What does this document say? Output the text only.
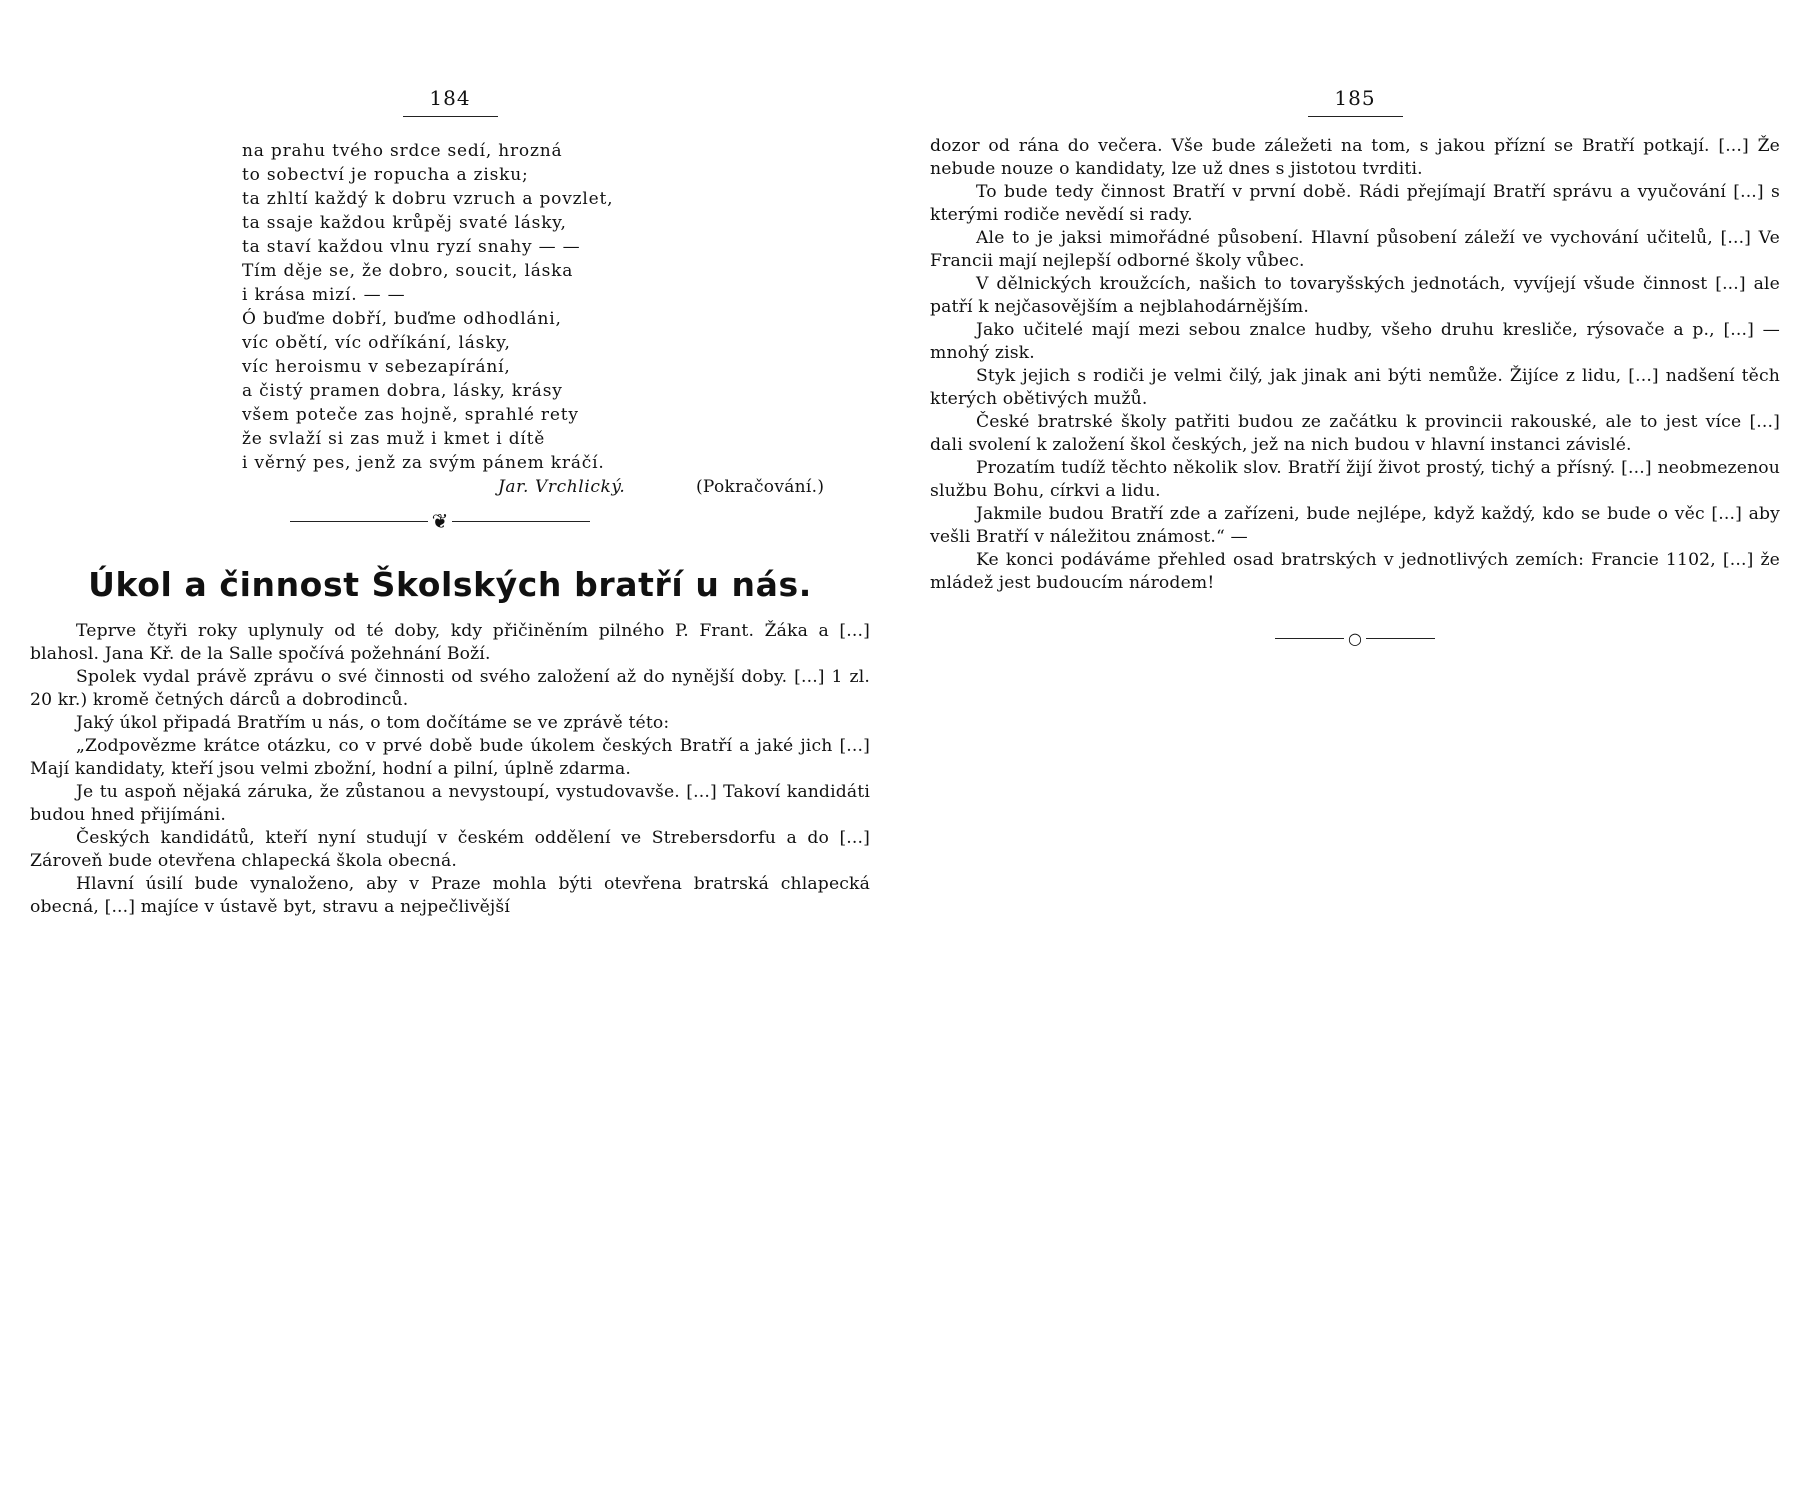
184
na prahu tvého srdce sedí, hrozná
to sobectví je ropucha a zisku;
ta zhltí každý k dobru vzruch a povzlet,
ta ssaje každou krůpěj svaté lásky,
ta staví každou vlnu ryzí snahy — —
Tím děje se, že dobro, soucit, láska
i krása mizí. — —
Ó buďme dobří, buďme odhodláni,
víc obětí, víc odříkání, lásky,
víc heroismu v sebezapírání,
a čistý pramen dobra, lásky, krásy
všem poteče zas hojně, sprahlé rety
že svlaží si zas muž i kmet i dítě
i věrný pes, jenž za svým pánem kráčí.
Jar. Vrchlický.	(Pokračování.)
❦
Úkol a činnost Školských bratří u nás.

Teprve čtyři roky uplynuly od té doby, kdy přičiněním pilného P. Frant. Žáka a [...] blahosl. Jana Kř. de la Salle spočívá požehnání Boží.

Spolek vydal právě zprávu o své činnosti od svého založení až do nynější doby. [...] 1 zl. 20 kr.) kromě četných dárců a dobrodinců.

Jaký úkol připadá Bratřím u nás, o tom dočítáme se ve zprávě této:

„Zodpovězme krátce otázku, co v prvé době bude úkolem českých Bratří a jaké jich [...] Mají kandidaty, kteří jsou velmi zbožní, hodní a pilní, úplně zdarma.

Je tu aspoň nějaká záruka, že zůstanou a nevystoupí, vystudovavše. [...] Takoví kandidáti budou hned přijímáni.

Českých kandidátů, kteří nyní studují v českém oddělení ve Strebersdorfu a do [...] Zároveň bude otevřena chlapecká škola obecná.

Hlavní úsilí bude vynaloženo, aby v Praze mohla býti otevřena bratrská chlapecká obecná, [...] majíce v ústavě byt, stravu a nejpečlivější

185

dozor od rána do večera. Vše bude záležeti na tom, s jakou přízní se Bratří potkají. [...] Že nebude nouze o kandidaty, lze už dnes s jistotou tvrditi.

To bude tedy činnost Bratří v první době. Rádi přejímají Bratří správu a vyučování [...] s kterými rodiče nevědí si rady.

Ale to je jaksi mimořádné působení. Hlavní působení záleží ve vychování učitelů, [...] Ve Francii mají nejlepší odborné školy vůbec.

V dělnických kroužcích, našich to tovaryšských jednotách, vyvíjejí všude činnost [...] ale patří k nejčasovějším a nejblahodárnějším.

Jako učitelé mají mezi sebou znalce hudby, všeho druhu kresliče, rýsovače a p., [...] — mnohý zisk.

Styk jejich s rodiči je velmi čilý, jak jinak ani býti nemůže. Žijíce z lidu, [...] nadšení těch kterých obětivých mužů.

České bratrské školy patřiti budou ze začátku k provincii rakouské, ale to jest více [...] dali svolení k založení škol českých, jež na nich budou v hlavní instanci závislé.

Prozatím tudíž těchto několik slov. Bratří žijí život prostý, tichý a přísný. [...] neobmezenou službu Bohu, církvi a lidu.

Jakmile budou Bratří zde a zařízeni, bude nejlépe, když každý, kdo se bude o věc [...] aby vešli Bratří v náležitou známost.“ —

Ke konci podáváme přehled osad bratrských v jednotlivých zemích: Francie 1102, [...] že mládež jest budoucím národem!

○
